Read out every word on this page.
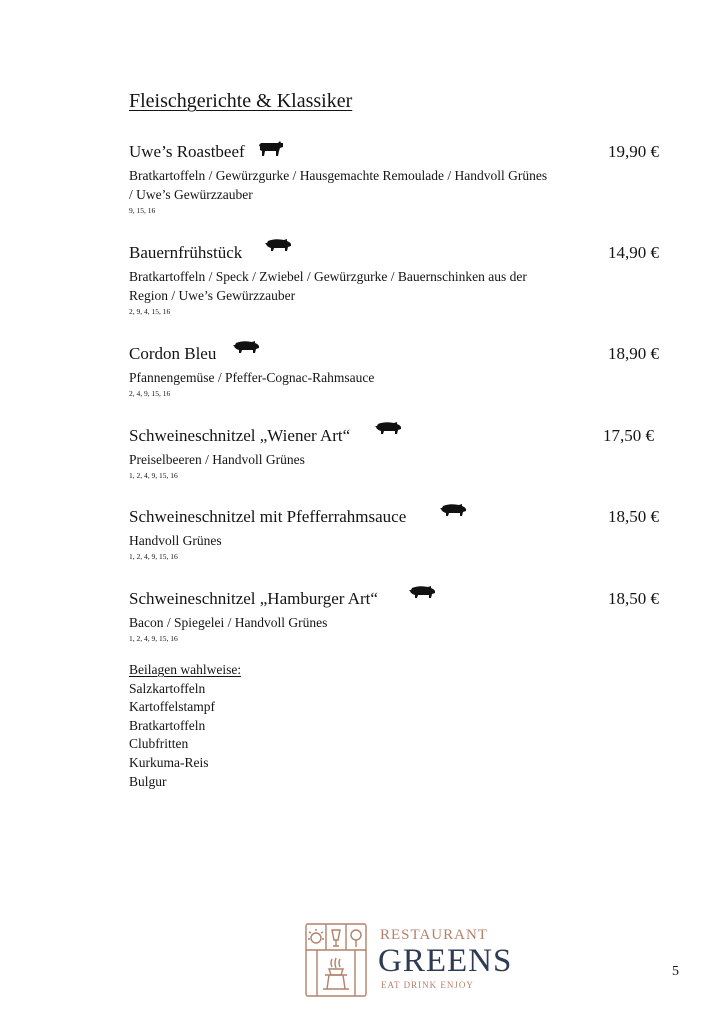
Fleischgerichte & Klassiker
Uwe’s Roastbeef	19,90 €
Bratkartoffeln / Gewürzgurke / Hausgemachte Remoulade / Handvoll Grünes / Uwe’s Gewürzzauber
9, 15, 16
Bauernfrühstück	14,90 €
Bratkartoffeln / Speck / Zwiebel / Gewürzgurke / Bauernschinken aus der Region / Uwe’s Gewürzzauber
2, 9, 4, 15, 16
Cordon Bleu	18,90 €
Pfannengemüse / Pfeffer-Cognac-Rahmsauce
2, 4, 9, 15, 16
Schweineschnitzel „Wiener Art“	17,50 €
Preiselbeeren / Handvoll Grünes
1, 2, 4, 9, 15, 16
Schweineschnitzel mit Pfefferrahmsauce	18,50 €
Handvoll Grünes
1, 2, 4, 9, 15, 16
Schweineschnitzel „Hamburger Art“	18,50 €
Bacon / Spiegelei / Handvoll Grünes
1, 2, 4, 9, 15, 16
Beilagen wahlweise:
Salzkartoffeln
Kartoffelstampf
Bratkartoffeln
Clubfritten
Kurkuma-Reis
Bulgur
RESTAURANT
GREENS
EAT DRINK ENJOY
5
